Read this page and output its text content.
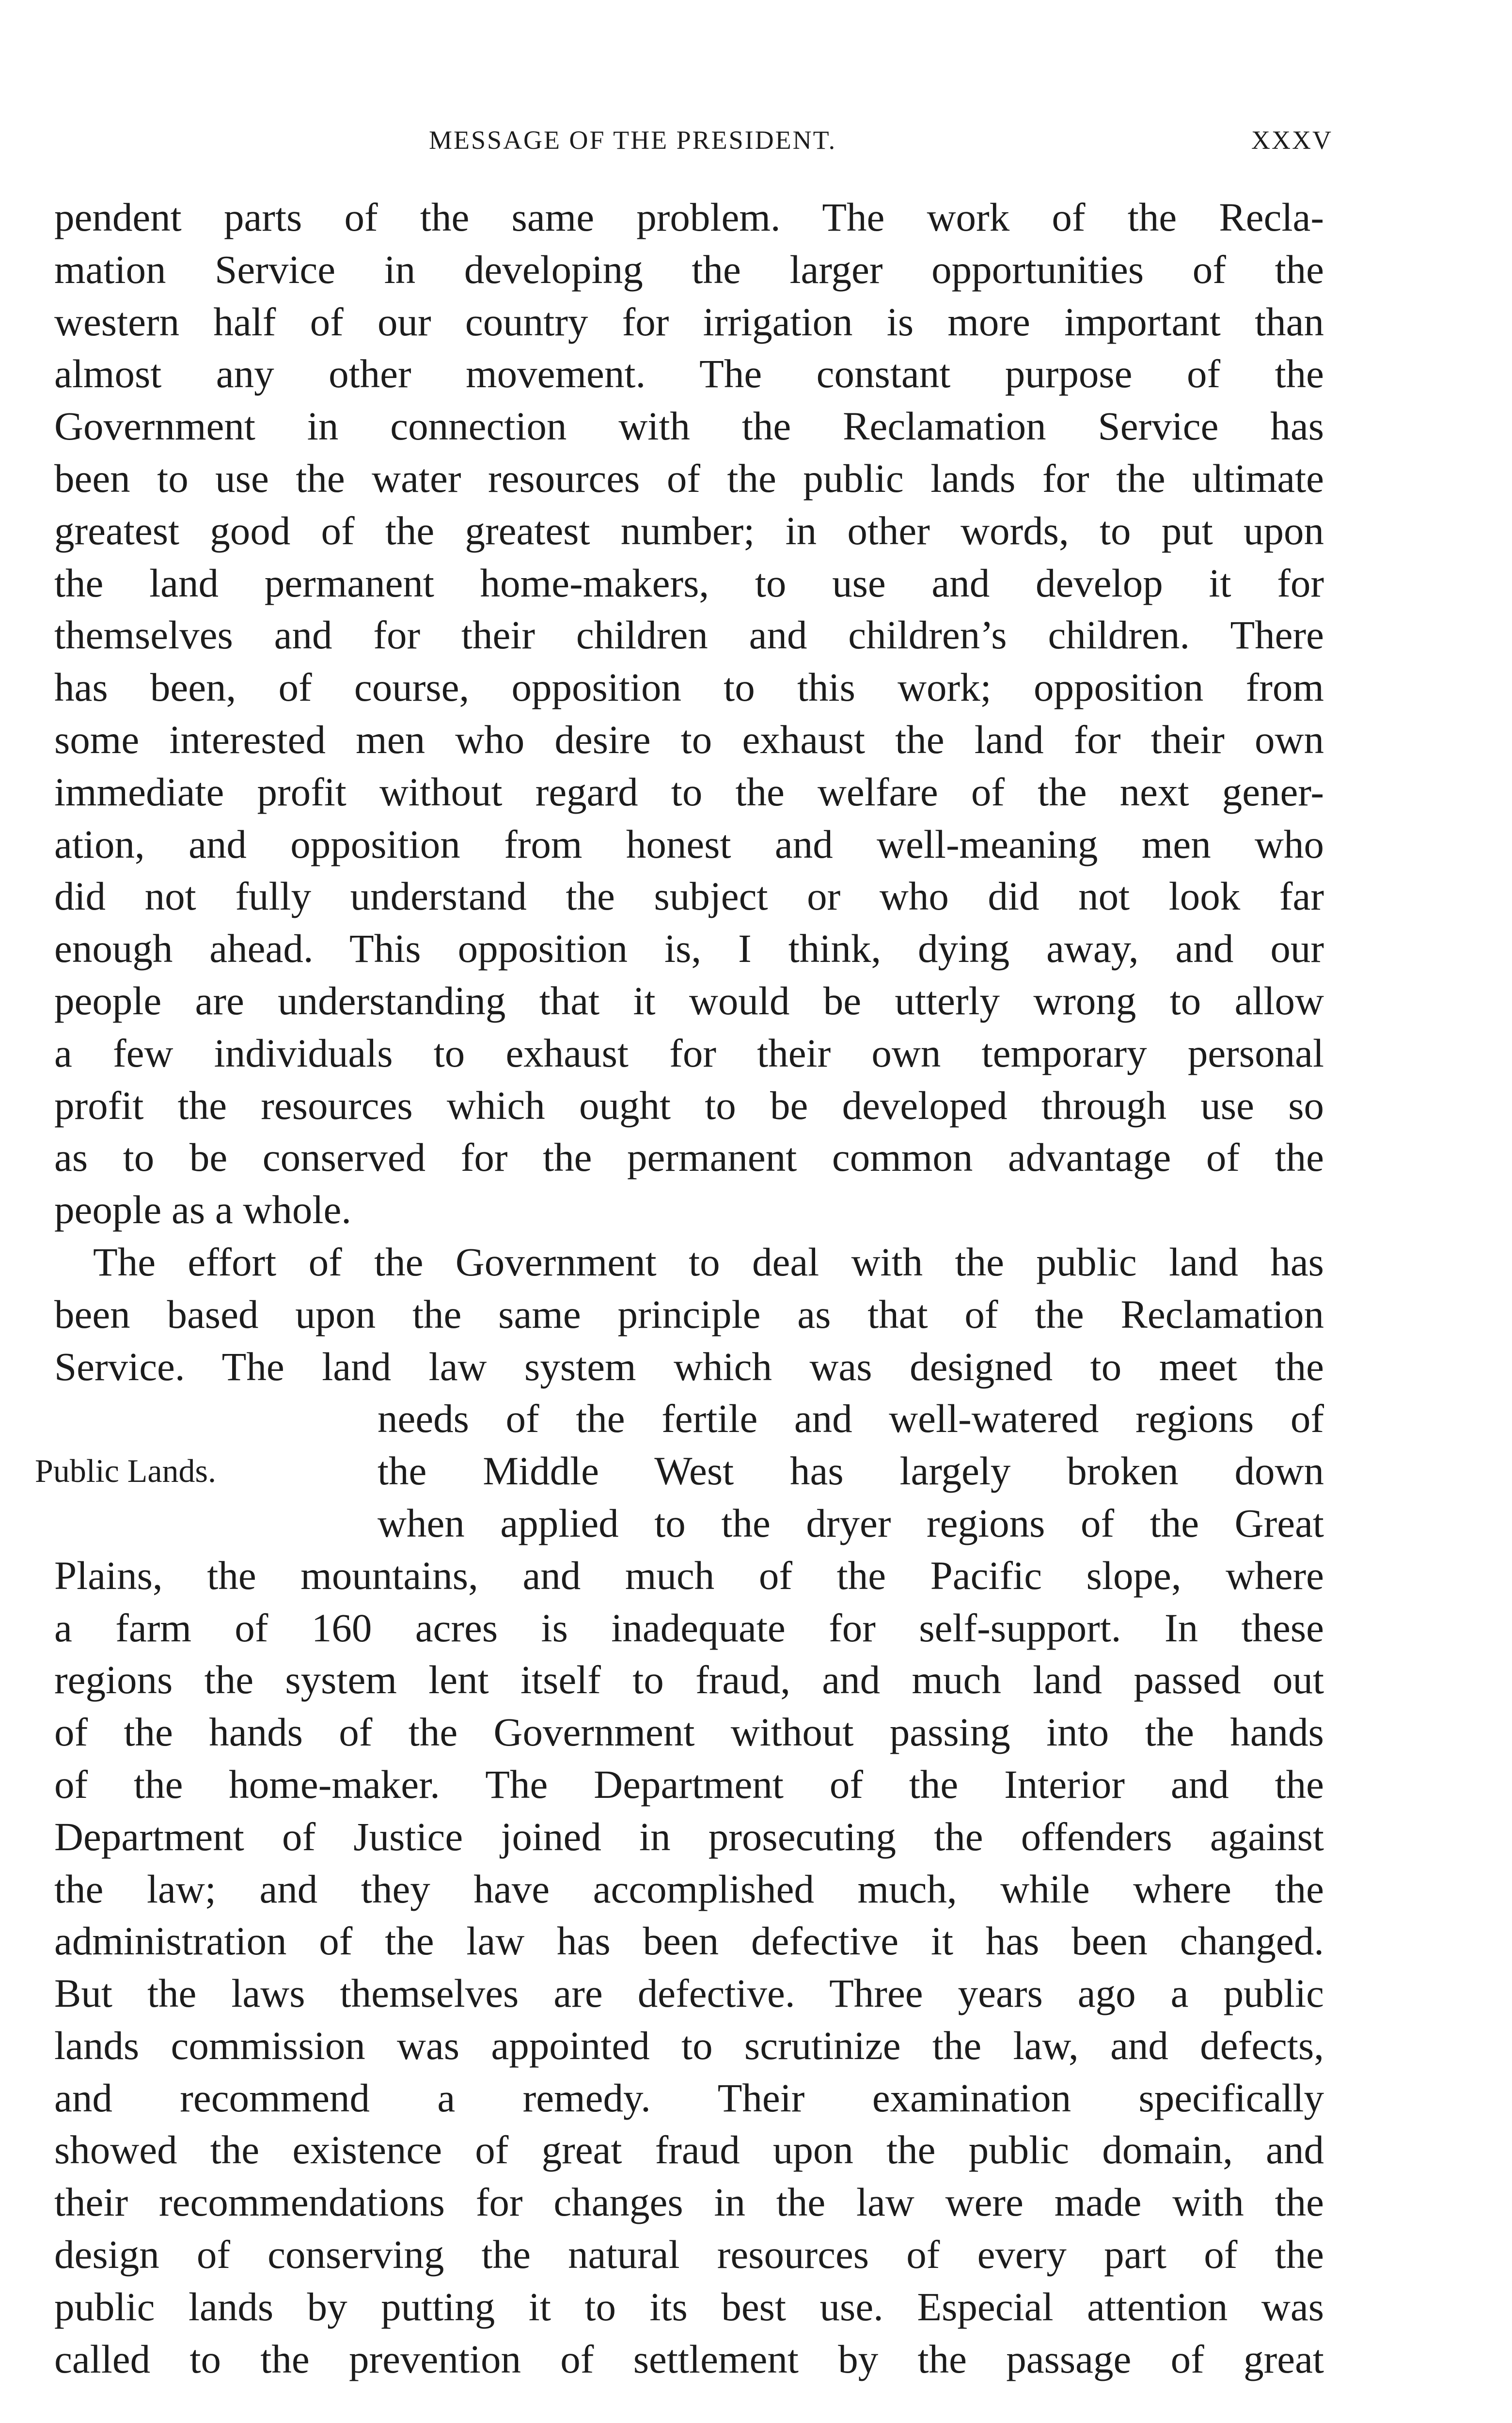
MESSAGE OF THE PRESIDENT.	XXXV
pendent parts of the same problem. The work of the Recla-
mation Service in developing the larger opportunities of the
western half of our country for irrigation is more important than
almost any other movement. The constant purpose of the
Government in connection with the Reclamation Service has
been to use the water resources of the public lands for the ultimate
greatest good of the greatest number; in other words, to put upon
the land permanent home-makers, to use and develop it for
themselves and for their children and children’s children. There
has been, of course, opposition to this work; opposition from
some interested men who desire to exhaust the land for their own
immediate profit without regard to the welfare of the next gener-
ation, and opposition from honest and well-meaning men who
did not fully understand the subject or who did not look far
enough ahead. This opposition is, I think, dying away, and our
people are understanding that it would be utterly wrong to allow
a few individuals to exhaust for their own temporary personal
profit the resources which ought to be developed through use so
as to be conserved for the permanent common advantage of the
people as a whole.
The effort of the Government to deal with the public land has
been based upon the same principle as that of the Reclamation
Service. The land law system which was designed to meet the
needs of the fertile and well-watered regions of
Public Lands.	the Middle West has largely broken down
when applied to the dryer regions of the Great
Plains, the mountains, and much of the Pacific slope, where
a farm of 160 acres is inadequate for self-support. In these
regions the system lent itself to fraud, and much land passed out
of the hands of the Government without passing into the hands
of the home-maker. The Department of the Interior and the
Department of Justice joined in prosecuting the offenders against
the law; and they have accomplished much, while where the
administration of the law has been defective it has been changed.
But the laws themselves are defective. Three years ago a public
lands commission was appointed to scrutinize the law, and defects,
and recommend a remedy. Their examination specifically
showed the existence of great fraud upon the public domain, and
their recommendations for changes in the law were made with the
design of conserving the natural resources of every part of the
public lands by putting it to its best use. Especial attention was
called to the prevention of settlement by the passage of great
